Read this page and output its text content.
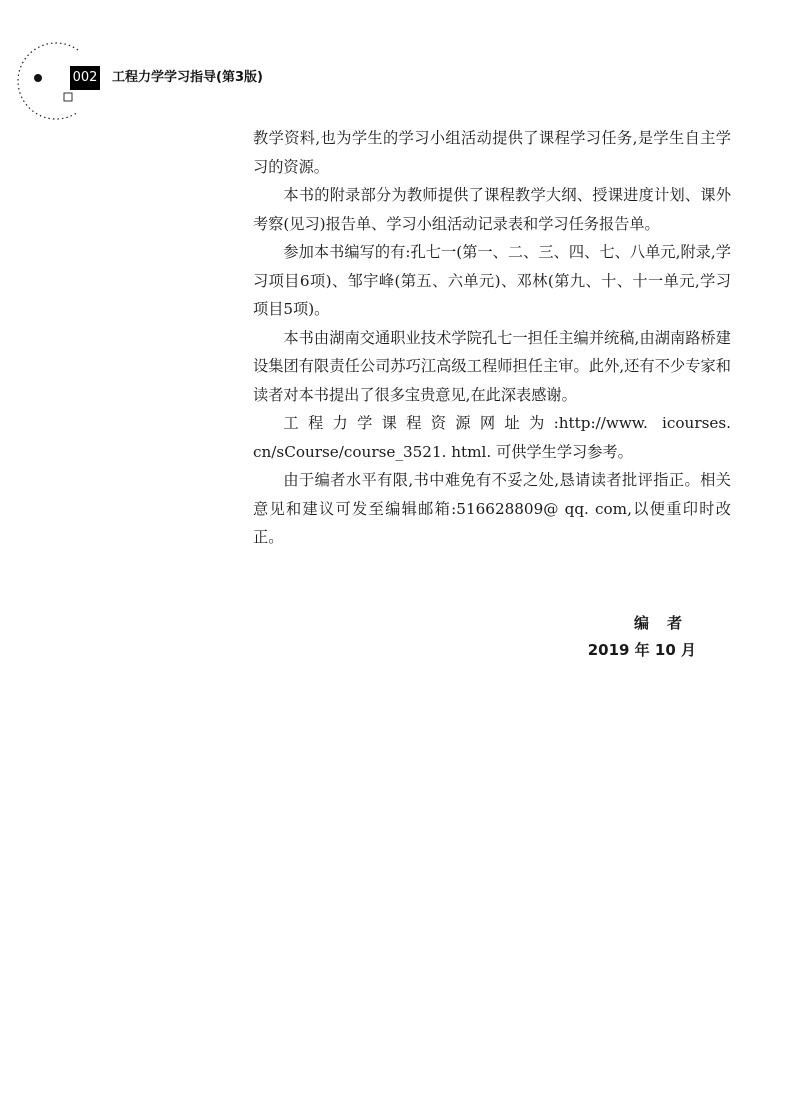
002 工程力学学习指导(第3版)

教学资料,也为学生的学习小组活动提供了课程学习任务,是学生自主学习的资源。

本书的附录部分为教师提供了课程教学大纲、授课进度计划、课外考察(见习)报告单、学习小组活动记录表和学习任务报告单。

参加本书编写的有:孔七一(第一、二、三、四、七、八单元,附录,学习项目6项)、邹宇峰(第五、六单元)、邓林(第九、十、十一单元,学习项目5项)。

本书由湖南交通职业技术学院孔七一担任主编并统稿,由湖南路桥建设集团有限责任公司苏巧江高级工程师担任主审。此外,还有不少专家和读者对本书提出了很多宝贵意见,在此深表感谢。

工程力学课程资源网址为:http://www. icourses. cn/sCourse/course_3521. html. 可供学生学习参考。

由于编者水平有限,书中难免有不妥之处,恳请读者批评指正。相关意见和建议可发至编辑邮箱:516628809@ qq. com,以便重印时改正。

编者
2019 年 10 月
